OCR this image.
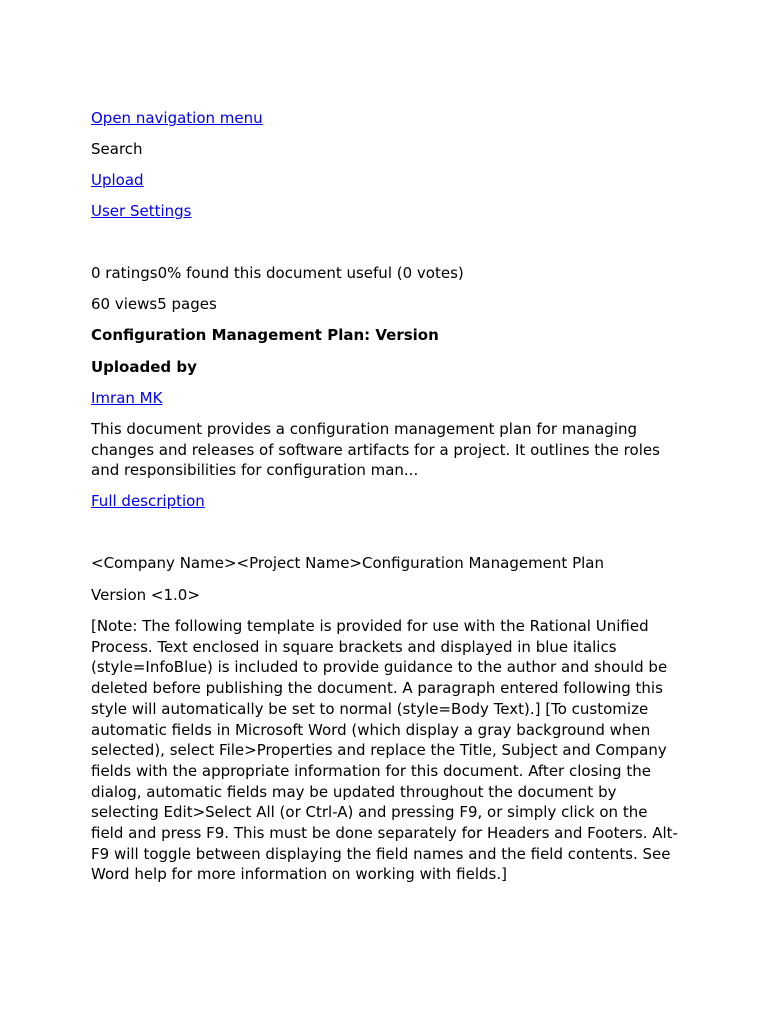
Open navigation menu
Search
Upload
User Settings
0 ratings0% found this document useful (0 votes)
60 views5 pages
Configuration Management Plan: Version
Uploaded by
Imran MK

This document provides a configuration management plan for managing changes and releases of software artifacts for a project. It outlines the roles and responsibilities for configuration man...

Full description
<Company Name><Project Name>Configuration Management Plan
Version <1.0>

[Note: The following template is provided for use with the Rational Unified Process. Text enclosed in square brackets and displayed in blue italics (style=InfoBlue) is included to provide guidance to the author and should be deleted before publishing the document. A paragraph entered following this style will automatically be set to normal (style=Body Text).] [To customize automatic fields in Microsoft Word (which display a gray background when selected), select File>Properties and replace the Title, Subject and Company fields with the appropriate information for this document. After closing the dialog, automatic fields may be updated throughout the document by selecting Edit>Select All (or Ctrl-A) and pressing F9, or simply click on the field and press F9. This must be done separately for Headers and Footers. Alt-F9 will toggle between displaying the field names and the field contents. See Word help for more information on working with fields.]
